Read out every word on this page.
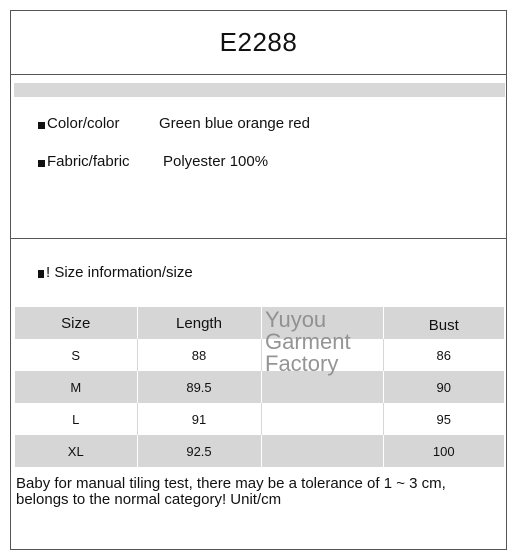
E2288
Color/color	Green blue orange red
Fabric/fabric	Polyester 100%
! Size information/size
Size	Length		Bust
S	88		86
M	89.5		90
L	91		95
XL	92.5		100
Yuyou
Garment
Factory
Baby for manual tiling test, there may be a tolerance of 1 ~ 3 cm, belongs to the normal category! Unit/cm
